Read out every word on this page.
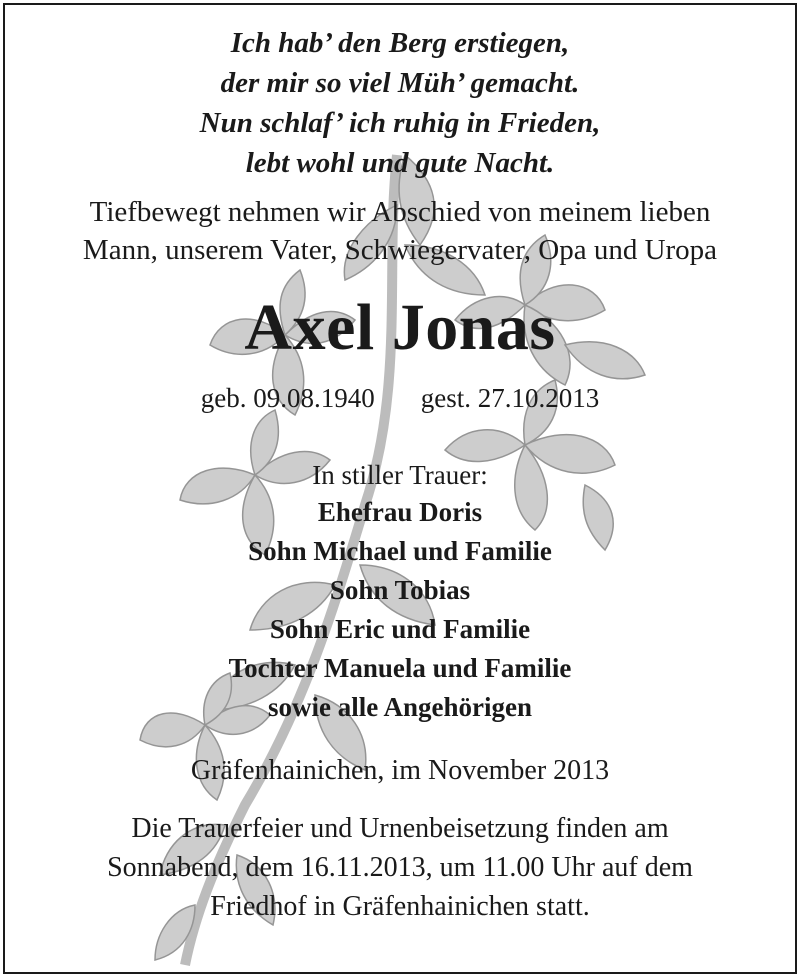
Ich hab’ den Berg erstiegen,
der mir so viel Müh’ gemacht.
Nun schlaf’ ich ruhig in Frieden,
lebt wohl und gute Nacht.
Tiefbewegt nehmen wir Abschied von meinem lieben
Mann, unserem Vater, Schwiegervater, Opa und Uropa
Axel Jonas
geb. 09.08.1940 gest. 27.10.2013
In stiller Trauer:
Ehefrau Doris
Sohn Michael und Familie
Sohn Tobias
Sohn Eric und Familie
Tochter Manuela und Familie
sowie alle Angehörigen
Gräfenhainichen, im November 2013
Die Trauerfeier und Urnenbeisetzung finden am
Sonnabend, dem 16.11.2013, um 11.00 Uhr auf dem
Friedhof in Gräfenhainichen statt.
